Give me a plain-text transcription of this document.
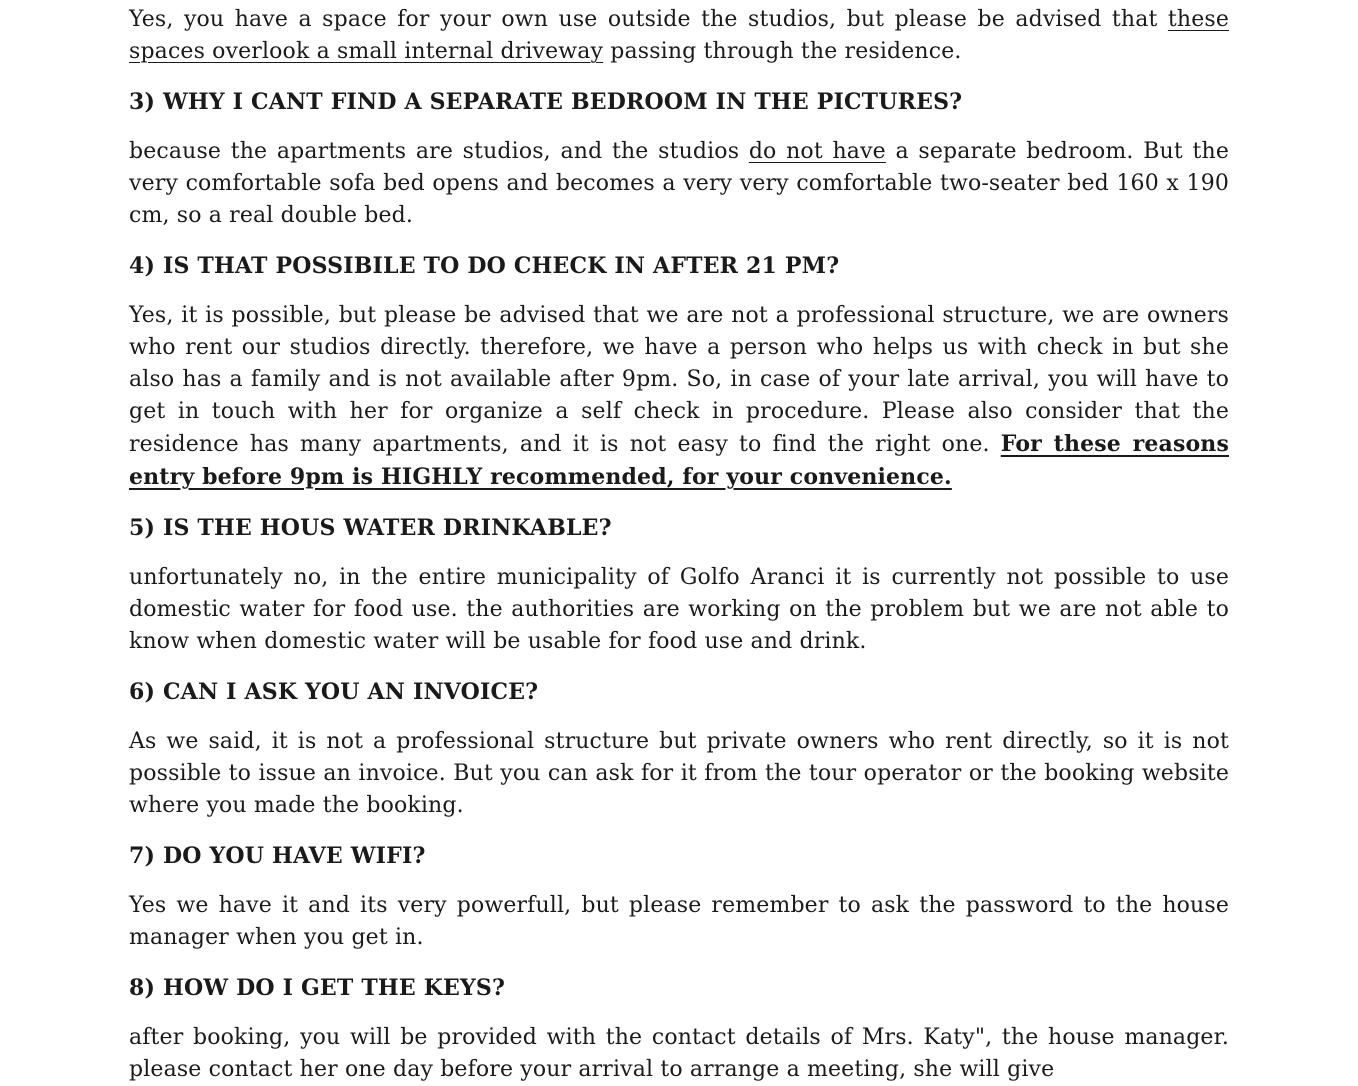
Yes, you have a space for your own use outside the studios, but please be advised that these spaces overlook a small internal driveway passing through the residence.

3) WHY I CANT FIND A SEPARATE BEDROOM IN THE PICTURES?

because the apartments are studios, and the studios do not have a separate bedroom. But the very comfortable sofa bed opens and becomes a very very comfortable two-seater bed 160 x 190 cm, so a real double bed.

4) IS THAT POSSIBILE TO DO CHECK IN AFTER 21 PM?

Yes, it is possible, but please be advised that we are not a professional structure, we are owners who rent our studios directly. therefore, we have a person who helps us with check in but she also has a family and is not available after 9pm. So, in case of your late arrival, you will have to get in touch with her for organize a self check in procedure. Please also consider that the residence has many apartments, and it is not easy to find the right one. For these reasons entry before 9pm is HIGHLY recommended, for your convenience.

5) IS THE HOUS WATER DRINKABLE?

unfortunately no, in the entire municipality of Golfo Aranci it is currently not possible to use domestic water for food use. the authorities are working on the problem but we are not able to know when domestic water will be usable for food use and drink.

6) CAN I ASK YOU AN INVOICE?

As we said, it is not a professional structure but private owners who rent directly, so it is not possible to issue an invoice. But you can ask for it from the tour operator or the booking website where you made the booking.

7) DO YOU HAVE WIFI?

Yes we have it and its very powerfull, but please remember to ask the password to the house manager when you get in.

8) HOW DO I GET THE KEYS?

after booking, you will be provided with the contact details of Mrs. Katy", the house manager. please contact her one day before your arrival to arrange a meeting, she will give
